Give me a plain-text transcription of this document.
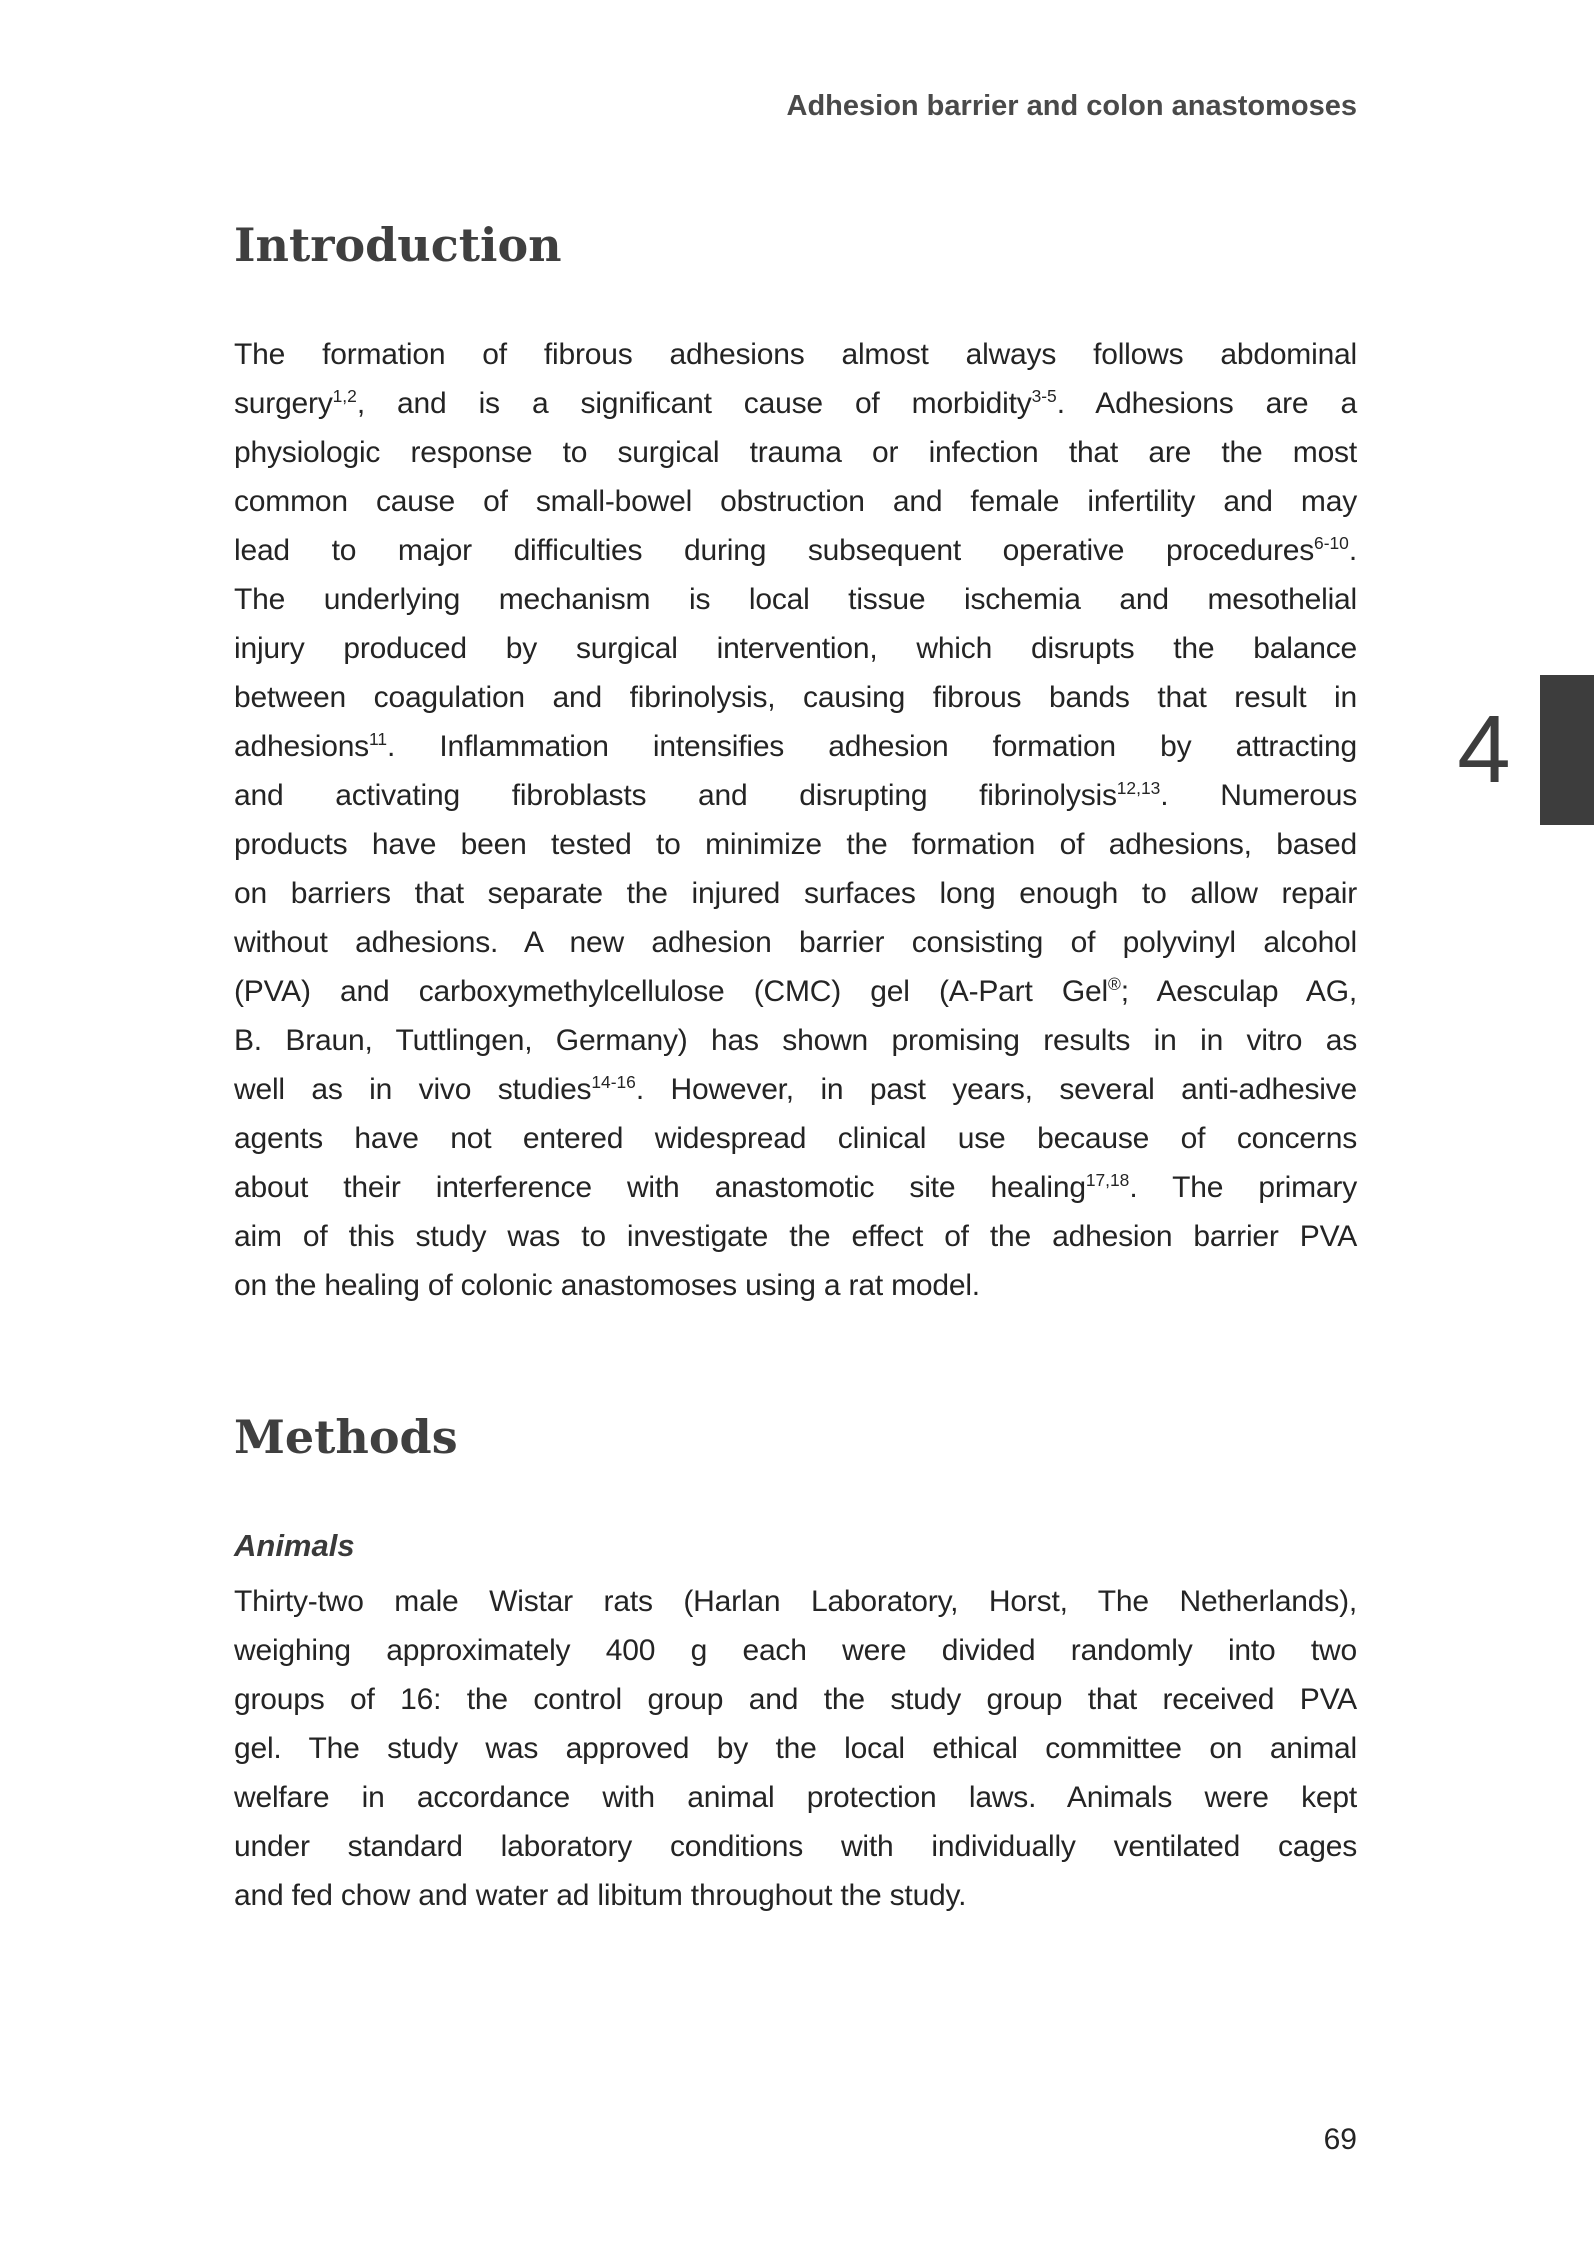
Adhesion barrier and colon anastomoses
Introduction
The formation of fibrous adhesions almost always follows abdominal
surgery$^{1,2}$, and is a significant cause of morbidity$^{3-5}$. Adhesions are a
physiologic response to surgical trauma or infection that are the most
common cause of small-bowel obstruction and female infertility and may
lead to major difficulties during subsequent operative procedures$^{6-10}$.
The underlying mechanism is local tissue ischemia and mesothelial
injury produced by surgical intervention, which disrupts the balance
between coagulation and fibrinolysis, causing fibrous bands that result in
adhesions$^{11}$. Inflammation intensifies adhesion formation by attracting
and activating fibroblasts and disrupting fibrinolysis$^{12,13}$. Numerous
products have been tested to minimize the formation of adhesions, based
on barriers that separate the injured surfaces long enough to allow repair
without adhesions. A new adhesion barrier consisting of polyvinyl alcohol
(PVA) and carboxymethylcellulose (CMC) gel (A-Part Gel®; Aesculap AG,
B. Braun, Tuttlingen, Germany) has shown promising results in in vitro as
well as in vivo studies$^{14-16}$. However, in past years, several anti-adhesive
agents have not entered widespread clinical use because of concerns
about their interference with anastomotic site healing$^{17,18}$. The primary
aim of this study was to investigate the effect of the adhesion barrier PVA
on the healing of colonic anastomoses using a rat model.
4
Methods
Animals
Thirty-two male Wistar rats (Harlan Laboratory, Horst, The Netherlands),
weighing approximately 400 g each were divided randomly into two
groups of 16: the control group and the study group that received PVA
gel. The study was approved by the local ethical committee on animal
welfare in accordance with animal protection laws. Animals were kept
under standard laboratory conditions with individually ventilated cages
and fed chow and water ad libitum throughout the study.
69
